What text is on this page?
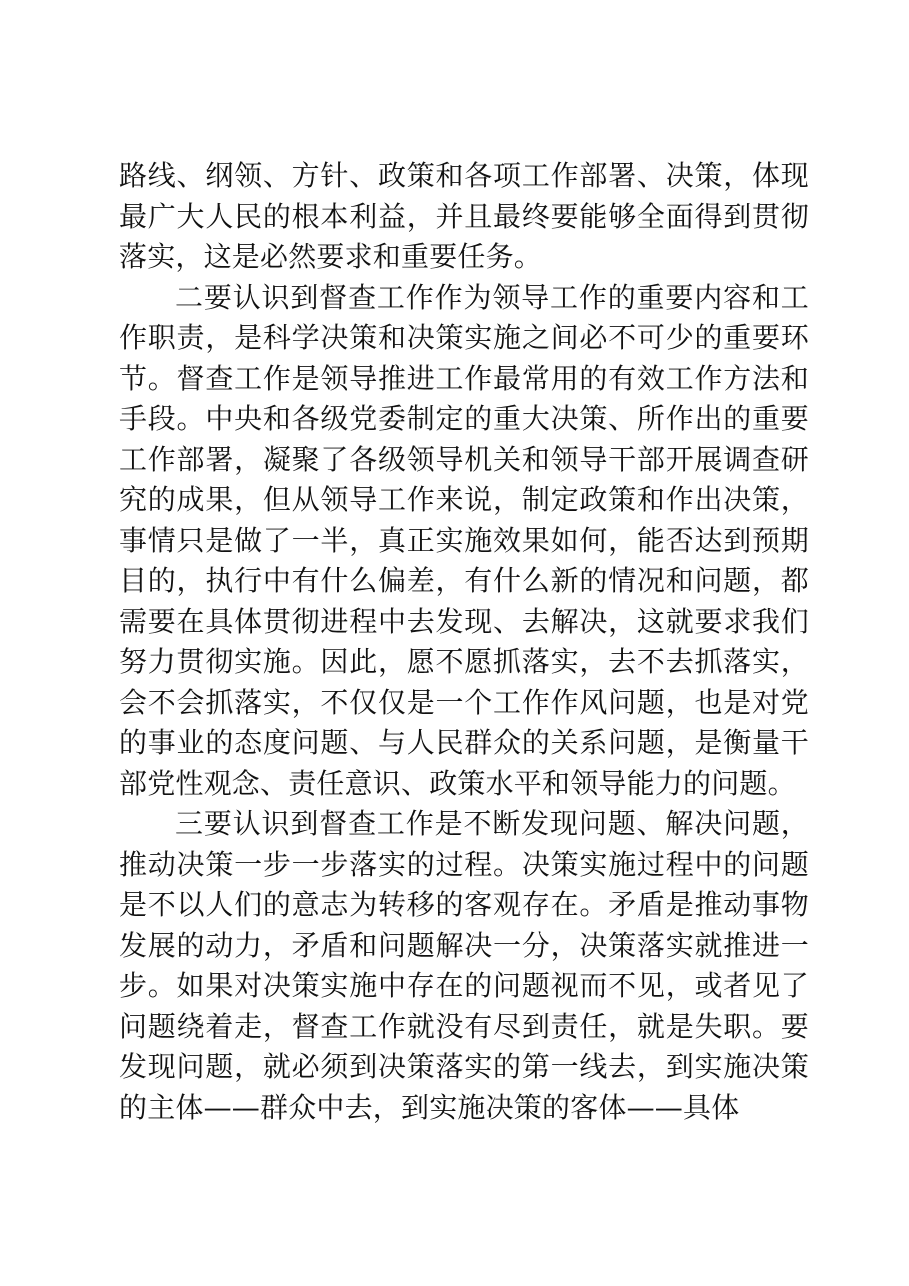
路线、纲领、方针、政策和各项工作部署、决策，体现最广大人民的根本利益，并且最终要能够全面得到贯彻落实，这是必然要求和重要任务。

二要认识到督查工作作为领导工作的重要内容和工作职责，是科学决策和决策实施之间必不可少的重要环节。督查工作是领导推进工作最常用的有效工作方法和手段。中央和各级党委制定的重大决策、所作出的重要工作部署，凝聚了各级领导机关和领导干部开展调查研究的成果，但从领导工作来说，制定政策和作出决策，事情只是做了一半，真正实施效果如何，能否达到预期目的，执行中有什么偏差，有什么新的情况和问题，都需要在具体贯彻进程中去发现、去解决，这就要求我们努力贯彻实施。因此，愿不愿抓落实，去不去抓落实，会不会抓落实，不仅仅是一个工作作风问题，也是对党的事业的态度问题、与人民群众的关系问题，是衡量干部党性观念、责任意识、政策水平和领导能力的问题。

三要认识到督查工作是不断发现问题、解决问题，推动决策一步一步落实的过程。决策实施过程中的问题是不以人们的意志为转移的客观存在。矛盾是推动事物发展的动力，矛盾和问题解决一分，决策落实就推进一步。如果对决策实施中存在的问题视而不见，或者见了问题绕着走，督查工作就没有尽到责任，就是失职。要发现问题，就必须到决策落实的第一线去，到实施决策的主体——群众中去，到实施决策的客体——具体
